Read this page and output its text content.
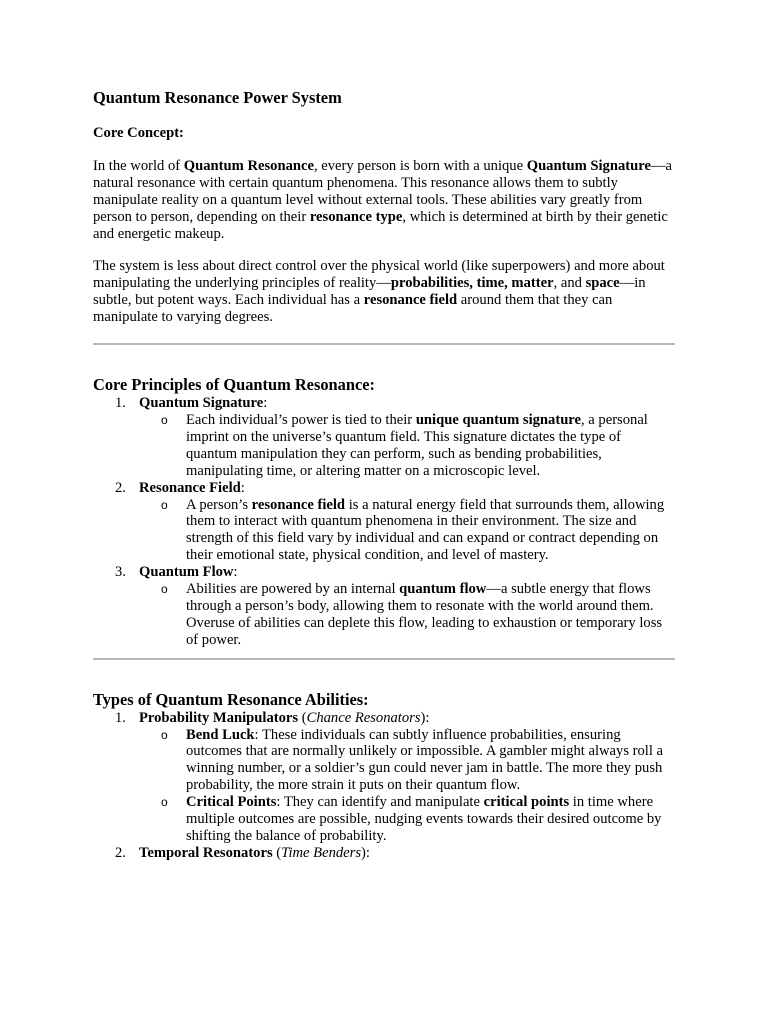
Quantum Resonance Power System
Core Concept:

In the world of Quantum Resonance, every person is born with a unique Quantum Signature—a natural resonance with certain quantum phenomena. This resonance allows them to subtly manipulate reality on a quantum level without external tools. These abilities vary greatly from person to person, depending on their resonance type, which is determined at birth by their genetic and energetic makeup.

The system is less about direct control over the physical world (like superpowers) and more about manipulating the underlying principles of reality—probabilities, time, matter, and space—in subtle, but potent ways. Each individual has a resonance field around them that they can manipulate to varying degrees.

Core Principles of Quantum Resonance:
1. Quantum Signature:
o Each individual’s power is tied to their unique quantum signature, a personal imprint on the universe’s quantum field. This signature dictates the type of quantum manipulation they can perform, such as bending probabilities, manipulating time, or altering matter on a microscopic level.
2. Resonance Field:
o A person’s resonance field is a natural energy field that surrounds them, allowing them to interact with quantum phenomena in their environment. The size and strength of this field vary by individual and can expand or contract depending on their emotional state, physical condition, and level of mastery.
3. Quantum Flow:
o Abilities are powered by an internal quantum flow—a subtle energy that flows through a person’s body, allowing them to resonate with the world around them. Overuse of abilities can deplete this flow, leading to exhaustion or temporary loss of power.
Types of Quantum Resonance Abilities:
1. Probability Manipulators (Chance Resonators):
o Bend Luck: These individuals can subtly influence probabilities, ensuring outcomes that are normally unlikely or impossible. A gambler might always roll a winning number, or a soldier’s gun could never jam in battle. The more they push probability, the more strain it puts on their quantum flow.
o Critical Points: They can identify and manipulate critical points in time where multiple outcomes are possible, nudging events towards their desired outcome by shifting the balance of probability.
2. Temporal Resonators (Time Benders):
